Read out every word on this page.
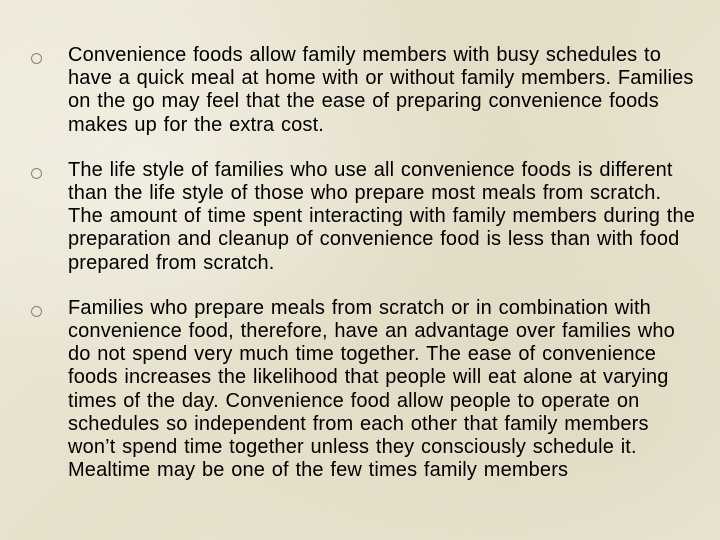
Convenience foods allow family members with busy schedules to have a quick meal at home with or without family members. Families on the go may feel that the ease of preparing convenience foods makes up for the extra cost.
The life style of families who use all convenience foods is different than the life style of those who prepare most meals from scratch. The amount of time spent interacting with family members during the preparation and cleanup of convenience food is less than with food prepared from scratch.
Families who prepare meals from scratch or in combination with convenience food, therefore, have an advantage over families who do not spend very much time together. The ease of convenience foods increases the likelihood that people will eat alone at varying times of the day. Convenience food allow people to operate on schedules so independent from each other that family members won’t spend time together unless they consciously schedule it. Mealtime may be one of the few times family members
